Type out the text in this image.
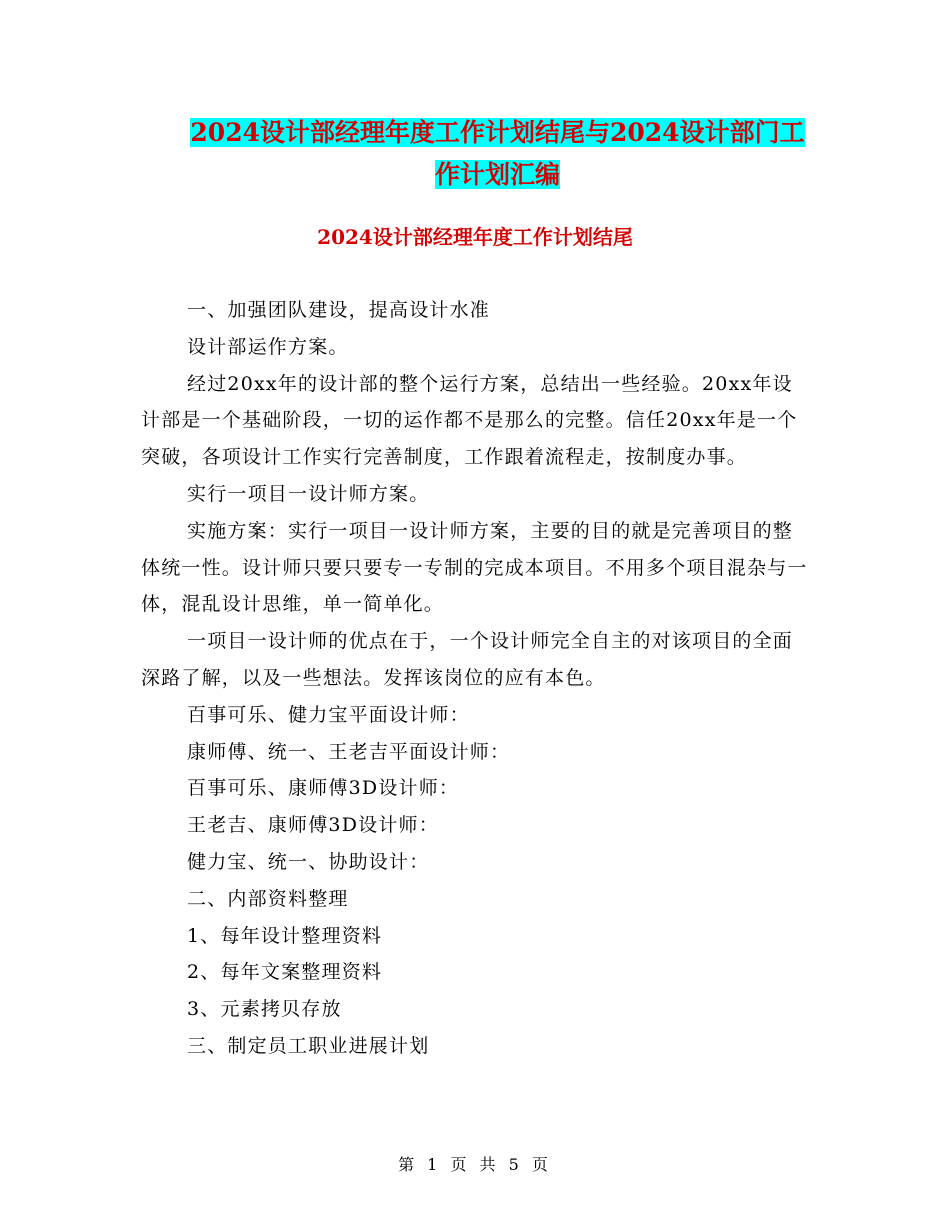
2024设计部经理年度工作计划结尾与2024设计部门工
作计划汇编
2024设计部经理年度工作计划结尾

一、加强团队建设，提高设计水准

设计部运作方案。

经过20xx年的设计部的整个运行方案，总结出一些经验。20xx年设计部是一个基础阶段，一切的运作都不是那么的完整。信任20xx年是一个突破，各项设计工作实行完善制度，工作跟着流程走，按制度办事。

实行一项目一设计师方案。

实施方案：实行一项目一设计师方案，主要的目的就是完善项目的整体统一性。设计师只要只要专一专制的完成本项目。不用多个项目混杂与一体，混乱设计思维，单一简单化。

一项目一设计师的优点在于，一个设计师完全自主的对该项目的全面深路了解，以及一些想法。发挥该岗位的应有本色。

百事可乐、健力宝平面设计师：

康师傅、统一、王老吉平面设计师：

百事可乐、康师傅3D设计师：

王老吉、康师傅3D设计师：

健力宝、统一、协助设计：

二、内部资料整理

1、每年设计整理资料

2、每年文案整理资料

3、元素拷贝存放

三、制定员工职业进展计划

第 1 页 共 5 页
